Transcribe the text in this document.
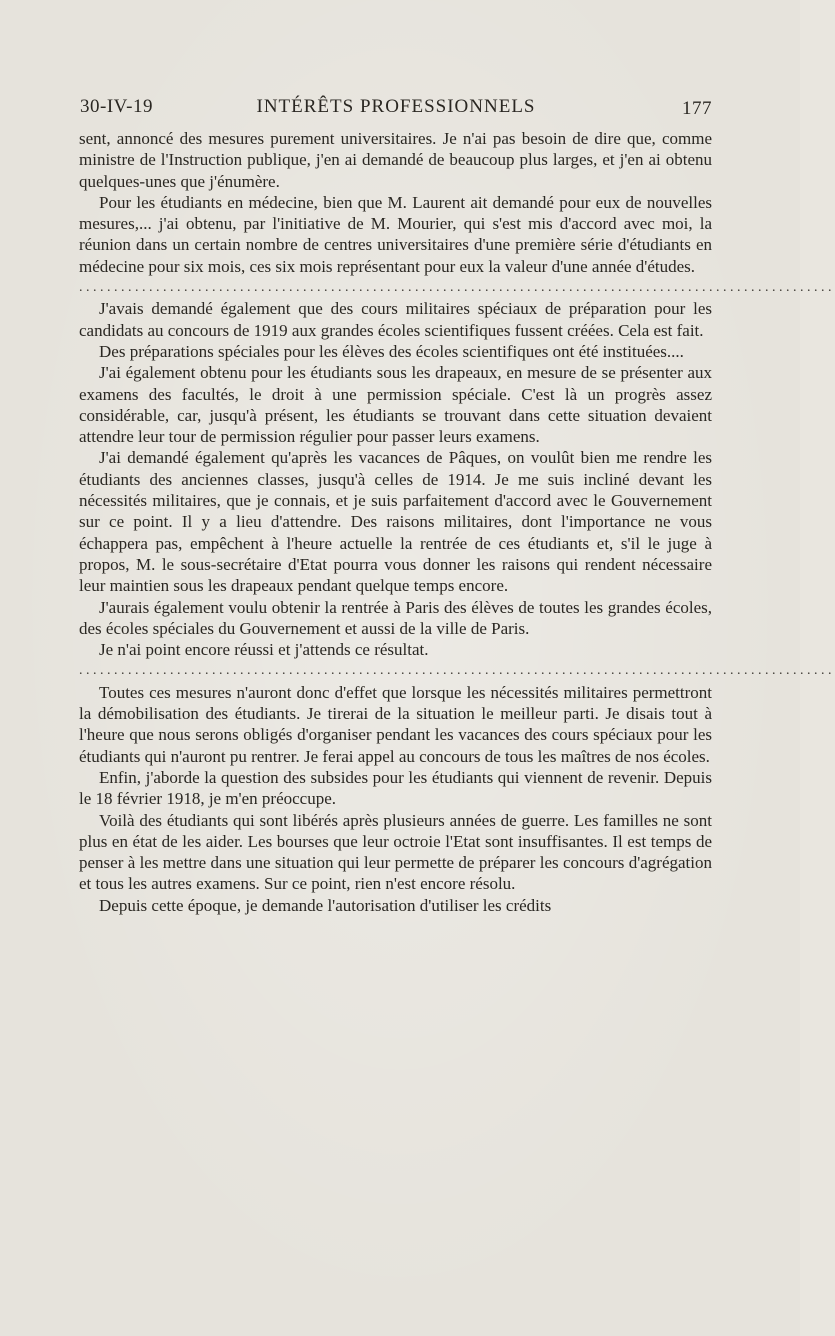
30-IV-19	INTÉRÊTS PROFESSIONNELS	177

sent, annoncé des mesures purement universitaires. Je n'ai pas besoin de dire que, comme ministre de l'Instruction publique, j'en ai demandé de beaucoup plus larges, et j'en ai obtenu quelques-unes que j'énumère.

Pour les étudiants en médecine, bien que M. Laurent ait demandé pour eux de nouvelles mesures,... j'ai obtenu, par l'initiative de M. Mourier, qui s'est mis d'accord avec moi, la réunion dans un certain nombre de centres universitaires d'une première série d'étudiants en médecine pour six mois, ces six mois représentant pour eux la valeur d'une année d'études.

............................................................................................................

J'avais demandé également que des cours militaires spéciaux de préparation pour les candidats au concours de 1919 aux grandes écoles scientifiques fussent créées. Cela est fait.

Des préparations spéciales pour les élèves des écoles scientifiques ont été instituées....

J'ai également obtenu pour les étudiants sous les drapeaux, en mesure de se présenter aux examens des facultés, le droit à une permission spéciale. C'est là un progrès assez considérable, car, jusqu'à présent, les étudiants se trouvant dans cette situation devaient attendre leur tour de permission régulier pour passer leurs examens.

J'ai demandé également qu'après les vacances de Pâques, on voulût bien me rendre les étudiants des anciennes classes, jusqu'à celles de 1914. Je me suis incliné devant les nécessités militaires, que je connais, et je suis parfaitement d'accord avec le Gouvernement sur ce point. Il y a lieu d'attendre. Des raisons militaires, dont l'importance ne vous échappera pas, empêchent à l'heure actuelle la rentrée de ces étudiants et, s'il le juge à propos, M. le sous-secrétaire d'Etat pourra vous donner les raisons qui rendent nécessaire leur maintien sous les drapeaux pendant quelque temps encore.

J'aurais également voulu obtenir la rentrée à Paris des élèves de toutes les grandes écoles, des écoles spéciales du Gouvernement et aussi de la ville de Paris.

Je n'ai point encore réussi et j'attends ce résultat.

............................................................................................................

Toutes ces mesures n'auront donc d'effet que lorsque les nécessités militaires permettront la démobilisation des étudiants. Je tirerai de la situation le meilleur parti. Je disais tout à l'heure que nous serons obligés d'organiser pendant les vacances des cours spéciaux pour les étudiants qui n'auront pu rentrer. Je ferai appel au concours de tous les maîtres de nos écoles.

Enfin, j'aborde la question des subsides pour les étudiants qui viennent de revenir. Depuis le 18 février 1918, je m'en préoccupe.

Voilà des étudiants qui sont libérés après plusieurs années de guerre. Les familles ne sont plus en état de les aider. Les bourses que leur octroie l'Etat sont insuffisantes. Il est temps de penser à les mettre dans une situation qui leur permette de préparer les concours d'agrégation et tous les autres examens. Sur ce point, rien n'est encore résolu.

Depuis cette époque, je demande l'autorisation d'utiliser les crédits
